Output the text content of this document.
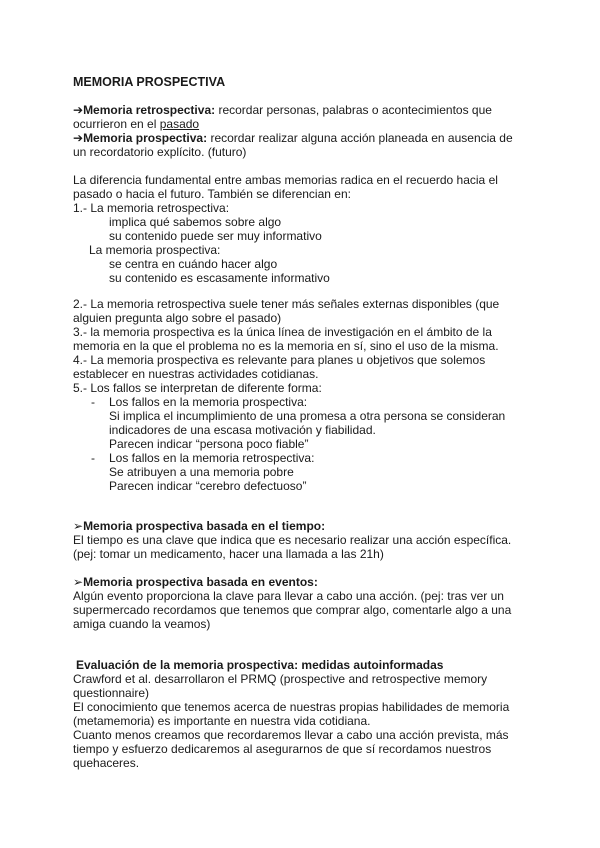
MEMORIA PROSPECTIVA
➔Memoria retrospectiva: recordar personas, palabras o acontecimientos que
ocurrieron en el pasado
➔Memoria prospectiva: recordar realizar alguna acción planeada en ausencia de
un recordatorio explícito. (futuro)
La diferencia fundamental entre ambas memorias radica en el recuerdo hacia el
pasado o hacia el futuro. También se diferencian en:
1.- La memoria retrospectiva:
implica qué sabemos sobre algo
su contenido puede ser muy informativo
La memoria prospectiva:
se centra en cuándo hacer algo
su contenido es escasamente informativo
2.- La memoria retrospectiva suele tener más señales externas disponibles (que
alguien pregunta algo sobre el pasado)
3.- la memoria prospectiva es la única línea de investigación en el ámbito de la
memoria en la que el problema no es la memoria en sí, sino el uso de la misma.
4.- La memoria prospectiva es relevante para planes u objetivos que solemos
establecer en nuestras actividades cotidianas.
5.- Los fallos se interpretan de diferente forma:
- Los fallos en la memoria prospectiva:
Si implica el incumplimiento de una promesa a otra persona se consideran
indicadores de una escasa motivación y fiabilidad.
Parecen indicar “persona poco fiable”
- Los fallos en la memoria retrospectiva:
Se atribuyen a una memoria pobre
Parecen indicar “cerebro defectuoso”
➢Memoria prospectiva basada en el tiempo:
El tiempo es una clave que indica que es necesario realizar una acción específica.
(pej: tomar un medicamento, hacer una llamada a las 21h)
➢Memoria prospectiva basada en eventos:
Algún evento proporciona la clave para llevar a cabo una acción. (pej: tras ver un
supermercado recordamos que tenemos que comprar algo, comentarle algo a una
amiga cuando la veamos)
Evaluación de la memoria prospectiva: medidas autoinformadas
Crawford et al. desarrollaron el PRMQ (prospective and retrospective memory
questionnaire)
El conocimiento que tenemos acerca de nuestras propias habilidades de memoria
(metamemoria) es importante en nuestra vida cotidiana.
Cuanto menos creamos que recordaremos llevar a cabo una acción prevista, más
tiempo y esfuerzo dedicaremos al asegurarnos de que sí recordamos nuestros
quehaceres.
